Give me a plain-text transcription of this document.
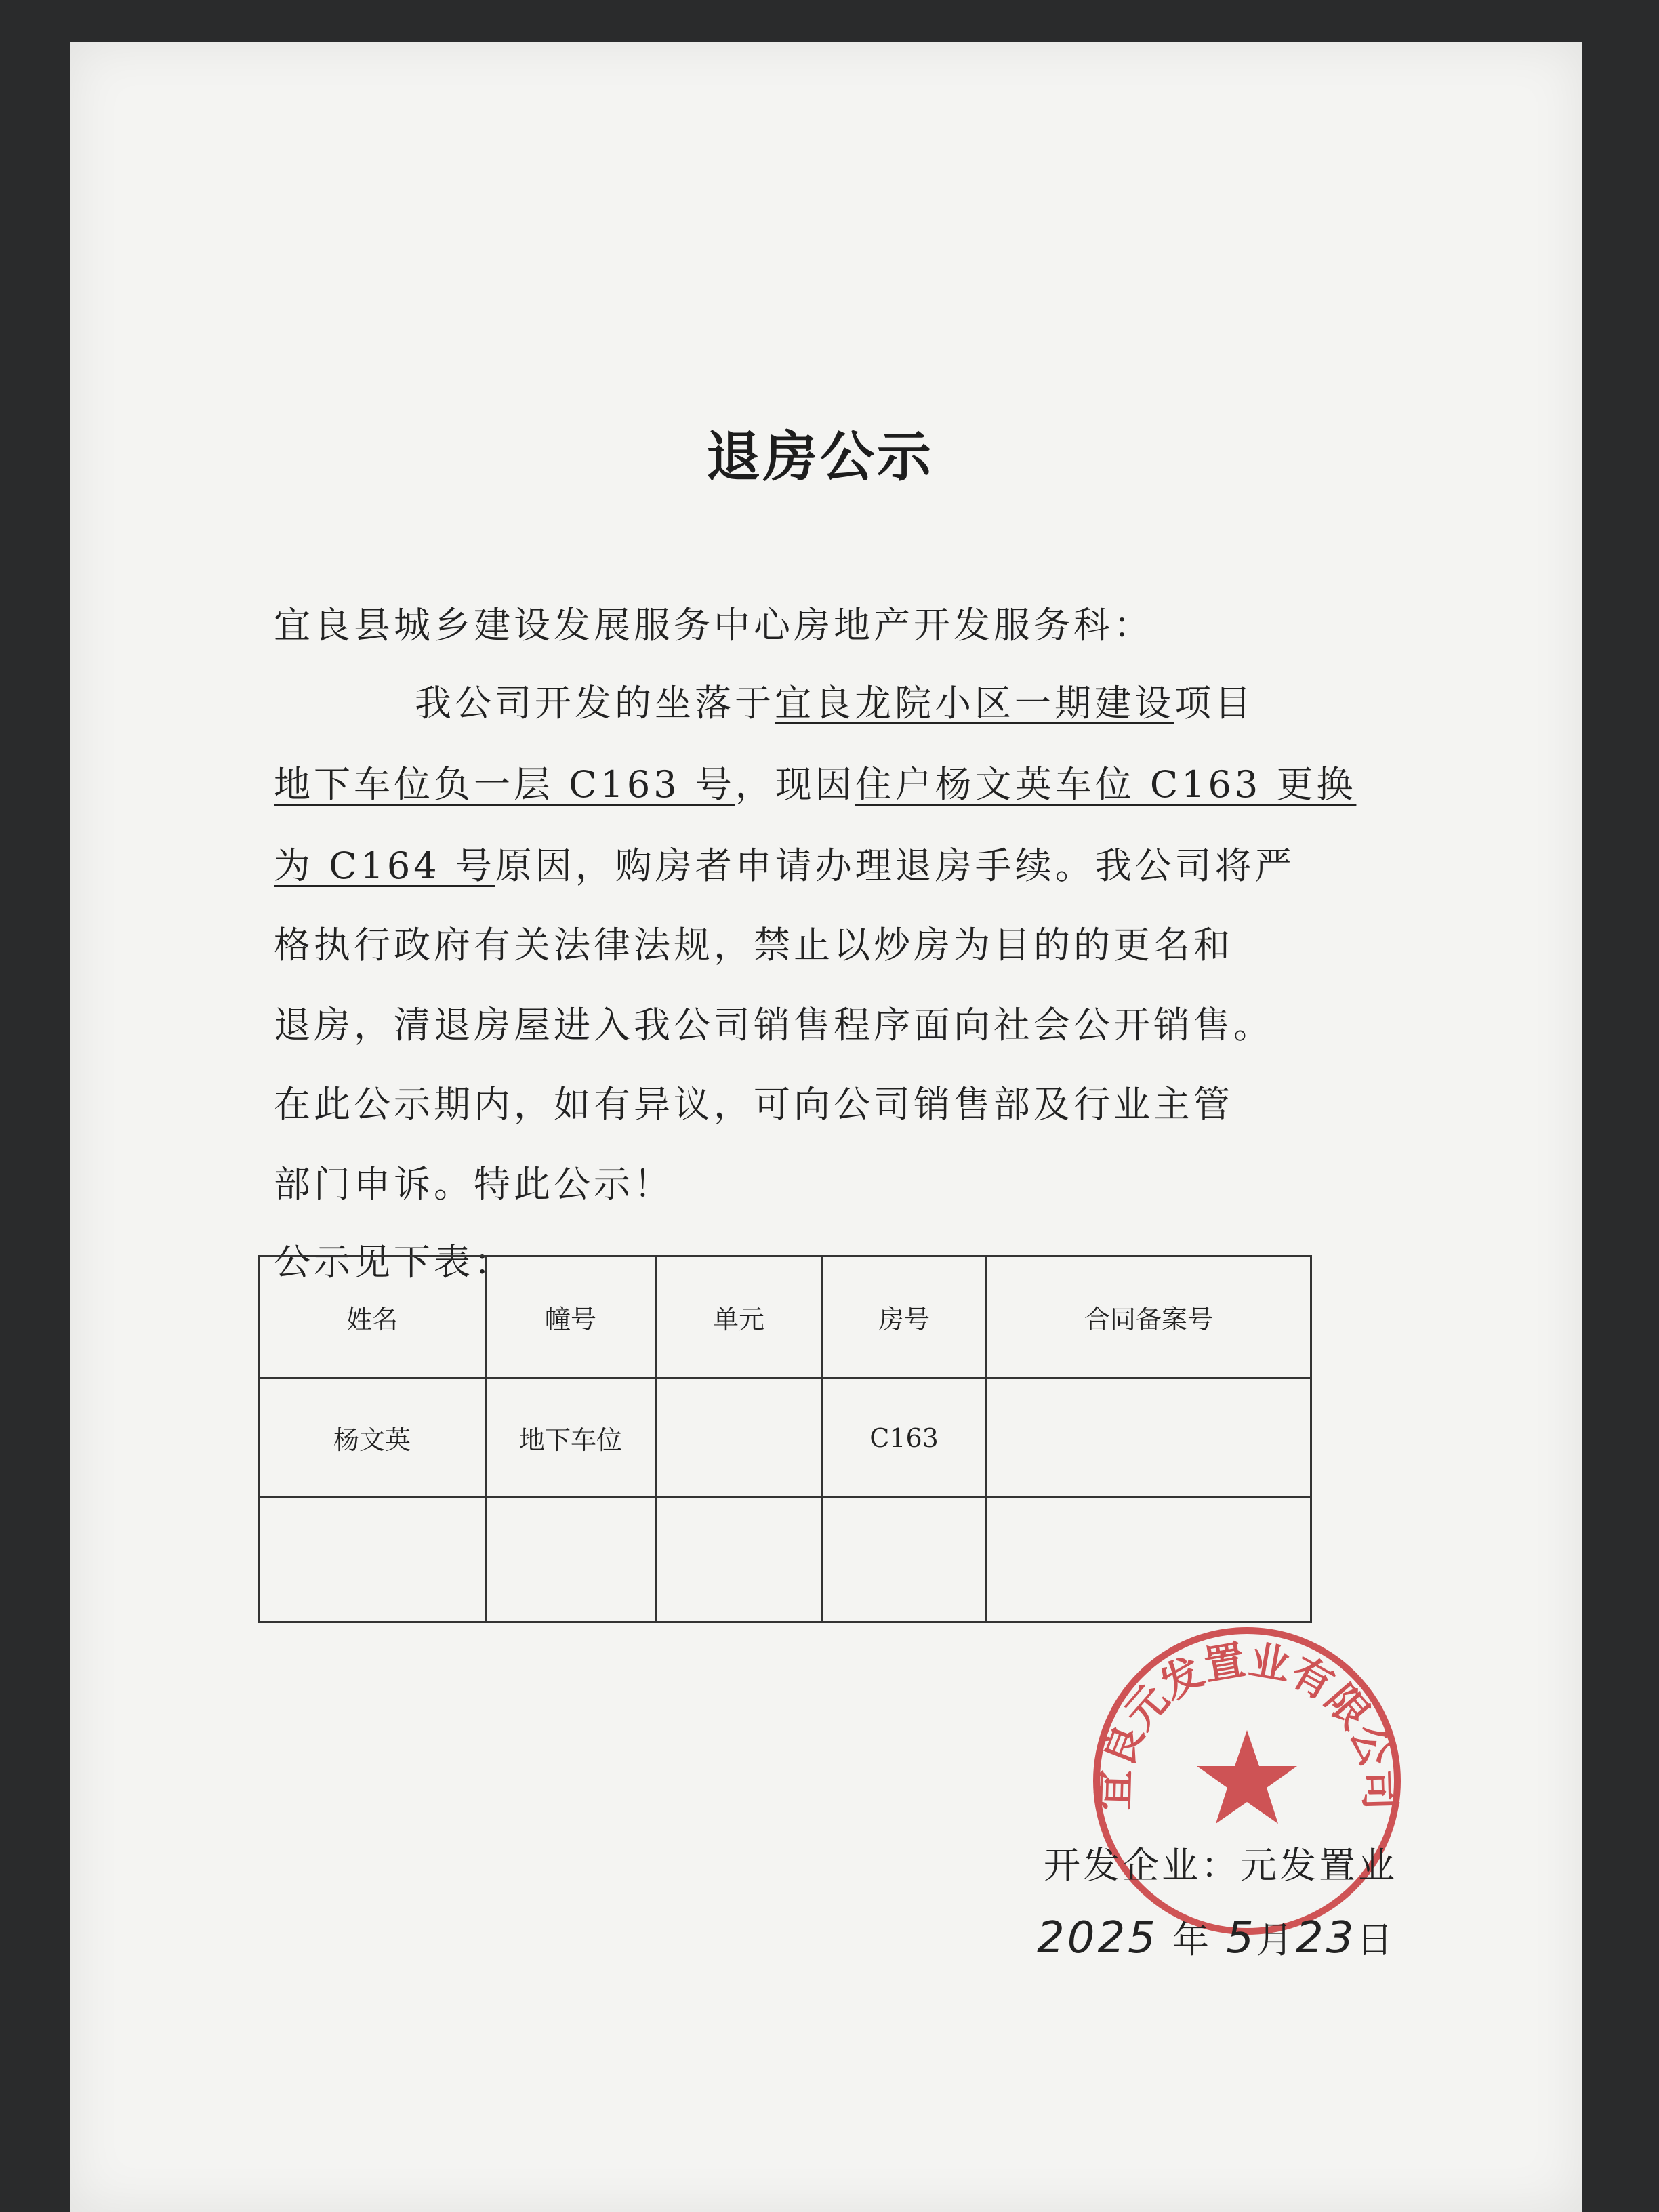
退房公示
宜良县城乡建设发展服务中心房地产开发服务科：
我公司开发的坐落于宜良龙院小区一期建设项目
地下车位负一层 C163 号，现因住户杨文英车位 C163 更换
为 C164 号原因，购房者申请办理退房手续。我公司将严
格执行政府有关法律法规，禁止以炒房为目的的更名和
退房，清退房屋进入我公司销售程序面向社会公开销售。
在此公示期内，如有异议，可向公司销售部及行业主管
部门申诉。特此公示！
公示见下表：
姓名	幢号	单元	房号	合同备案号
杨文英	地下车位		C163	

宜良元发置业有限公司
开发企业：元发置业
2025 年 5月23日
